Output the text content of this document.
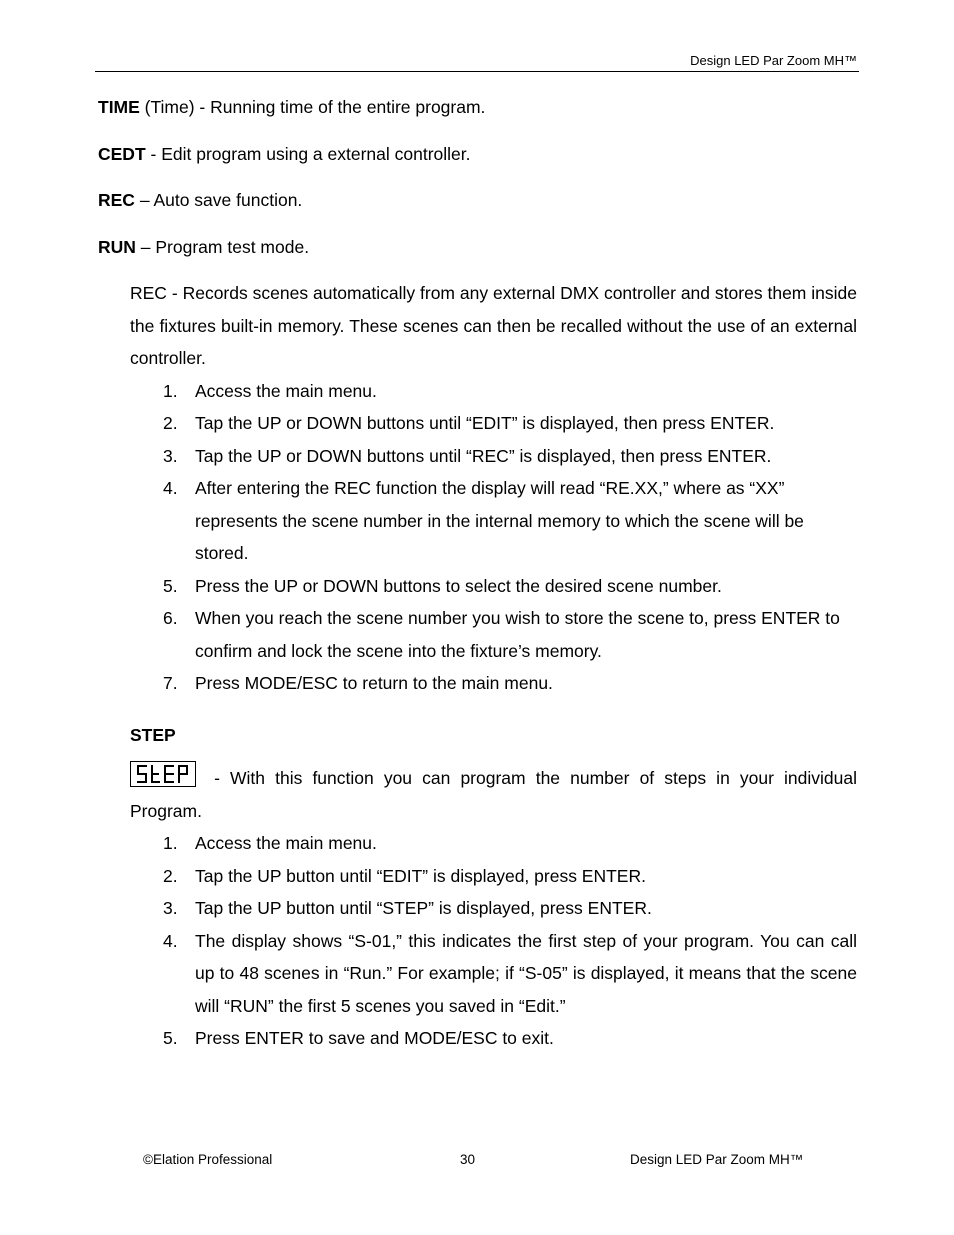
Design LED Par Zoom MH™
TIME (Time) - Running time of the entire program.
CEDT - Edit program using a external controller.
REC – Auto save function.
RUN – Program test mode.

REC - Records scenes automatically from any external DMX controller and stores them inside the fixtures built-in memory. These scenes can then be recalled without the use of an external controller.

1. Access the main menu.
2. Tap the UP or DOWN buttons until “EDIT” is displayed, then press ENTER.
3. Tap the UP or DOWN buttons until “REC” is displayed, then press ENTER.
4. After entering the REC function the display will read “RE.XX,” where as “XX” represents the scene number in the internal memory to which the scene will be stored.
5. Press the UP or DOWN buttons to select the desired scene number.
6. When you reach the scene number you wish to store the scene to, press ENTER to confirm and lock the scene into the fixture’s memory.
7. Press MODE/ESC to return to the main menu.
STEP

- With this function you can program the number of steps in your individual Program.

1. Access the main menu.
2. Tap the UP button until “EDIT” is displayed, press ENTER.
3. Tap the UP button until “STEP” is displayed, press ENTER.
4. The display shows “S-01,” this indicates the first step of your program. You can call up to 48 scenes in “Run.” For example; if “S-05” is displayed, it means that the scene will “RUN” the first 5 scenes you saved in “Edit.”
5. Press ENTER to save and MODE/ESC to exit.
©Elation Professional	30	Design LED Par Zoom MH™
